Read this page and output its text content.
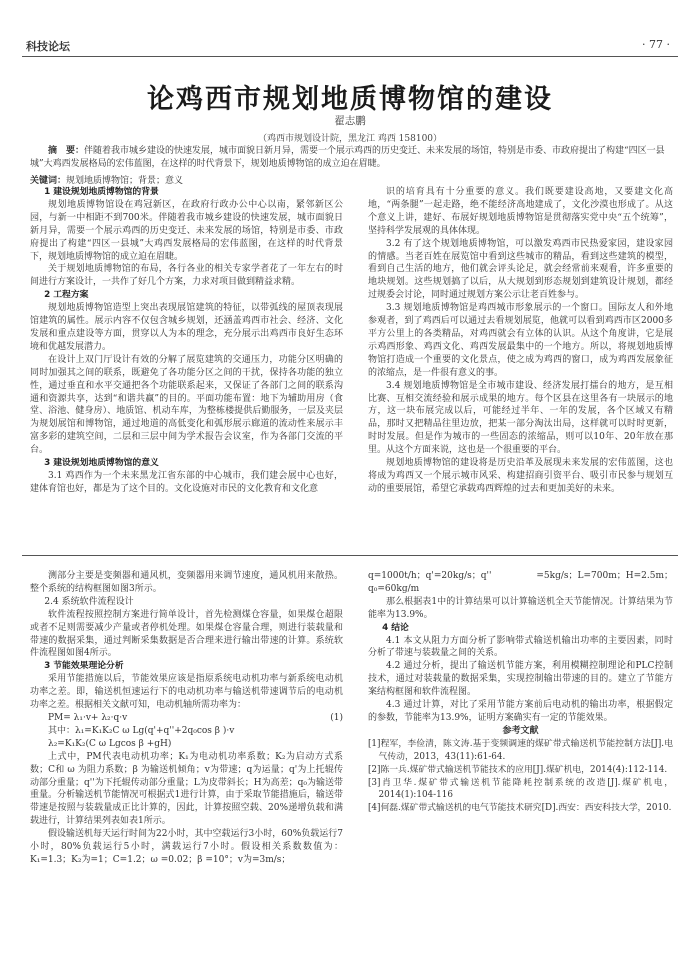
科技论坛	· 77 ·
论鸡西市规划地质博物馆的建设
翟志鹏
（鸡西市规划设计院，黑龙江 鸡西 158100）
摘　要：伴随着我市城乡建设的快速发展，城市面貌日新月异，需要一个展示鸡西的历史变迁、未来发展的场馆，特别是市委、市政府提出了构建“四区一县城”大鸡西发展格局的宏伟蓝图，在这样的时代背景下，规划地质博物馆的成立迫在眉睫。
关键词：规划地质博物馆；背景；意义

1 建设规划地质博物馆的背景

规划地质博物馆设在鸡冠新区，在政府行政办公中心以南，紧邻新区公园，与新一中相距不到700米。伴随着我市城乡建设的快速发展，城市面貌日新月异，需要一个展示鸡西的历史变迁、未来发展的场馆，特别是市委、市政府提出了构建“四区一县城”大鸡西发展格局的宏伟蓝图，在这样的时代背景下，规划地质博物馆的成立迫在眉睫。

关于规划地质博物馆的布局，各行各业的相关专家学者花了一年左右的时间进行方案设计，一共作了好几个方案，力求对项目做到精益求精。

2 工程方案

规划地质博物馆造型上突出表现展馆建筑的特征，以带弧线的屋顶表现展馆建筑的属性。展示内容不仅包含城乡规划，还涵盖鸡西市社会、经济、文化发展和重点建设等方面，贯穿以人为本的理念，充分展示出鸡西市良好生态环境和优越发展潜力。

在设计上双门厅设计有效的分解了展览建筑的交通压力，功能分区明确的同时加强其之间的联系，既避免了各功能分区之间的干扰，保持各功能的独立性，通过垂直和水平交通把各个功能联系起来，又保证了各部门之间的联系沟通和资源共享，达到“和谐共赢”的目的。平面功能布置：地下为辅助用房（食堂、浴池、健身房）、地质馆、机动车库，为整栋楼提供后勤服务，一层及夹层为规划展馆和博物馆，通过地道的高低变化和弧形展示廊道的流动性来展示丰富多彩的建筑空间，二层和三层中间为学术报告会议室，作为各部门交流的平台。

3 建设规划地质博物馆的意义

3.1 鸡西作为一个未来黑龙江省东部的中心城市，我们建会展中心也好，建体育馆也好，都是为了这个目的。文化设施对市民的文化教育和文化意

识的培育具有十分重要的意义。我们既要建设高地，又要建文化高地，“两条腿”一起走路，绝不能经济高地建成了，文化沙漠也形成了。从这个意义上讲，建好、布展好规划地质博物馆是贯彻落实党中央“五个统筹”，坚持科学发展观的具体体现。

3.2 有了这个规划地质博物馆，可以激发鸡西市民热爱家园，建设家园的情感。当老百姓在展览馆中看到这些城市的精品，看到这些建筑的模型，看到自己生活的地方，他们就会评头论足，就会经常前来观看，许多重要的地块规划。这些规划搞了以后，从大规划到形态规划到建筑设计规划，都经过规委会讨论，同时通过规划方案公示让老百姓参与。

3.3 规划地质博物馆是鸡西城市形象展示的一个窗口。国际友人和外地参观者，到了鸡西后可以通过去看规划展览，他就可以看到鸡西市区2000多平方公里上的各类精品，对鸡西就会有立体的认识。从这个角度讲，它是展示鸡西形象、鸡西文化、鸡西发展最集中的一个地方。所以，将规划地质博物馆打造成一个重要的文化景点，使之成为鸡西的窗口，成为鸡西发展象征的浓缩点，是一件很有意义的事。

3.4 规划地质博物馆是全市城市建设、经济发展打擂台的地方，是互相比赛、互相交流经验和展示成果的地方。每个区县在这里各有一块展示的地方，这一块布展完成以后，可能经过半年、一年的发展，各个区域又有精品，那时又把精品往里边放，把某一部分淘汰出局，这样就可以时时更新，时时发展。但是作为城市的一些固态的浓缩品，则可以10年、20年放在那里。从这个方面来说，这也是一个很重要的平台。

规划地质博物馆的建设将是历史沿革及展现未来发展的宏伟蓝图，这也将成为鸡西又一个展示城市风采、构建招商引资平台、吸引市民参与规划互动的重要展馆，希望它承载鸡西辉煌的过去和更加美好的未来。

测部分主要是变频器和通风机，变频器用来调节速度，通风机用来散热。整个系统的结构框图如图3所示。

2.4 系统软件流程设计

软件流程按照控制方案进行简单设计，首先检测煤仓容量，如果煤仓超限或者不足则需要减少产量或者停机处理。如果煤仓容量合理，则进行装载量和带速的数据采集，通过判断采集数据是否合理来进行输出带速的计算。系统软件流程图如图4所示。

3 节能效果理论分析

采用节能措施以后，节能效果应该是指原系统电动机功率与新系统电动机功率之差。即，输送机恒速运行下的电动机功率与输送机带速调节后的电动机功率之差。根据相关文献可知，电动机轴所需功率为：

PM= λ₁·v+ λ₂·q·v	(1)

其中：λ₁=K₁K₂C ω Lg(q'+q''+2q₀cos β )·v

λ₂=K₁K₂(C ω Lgcos β +gH)

上式中，PM代表电动机功率；K₁为电动机功率系数；K₂为启动方式系数；C和 ω 为阻力系数；β 为输送机倾角；v为带速；q为运量；q'为上托辊传动部分重量；q''为下托辊传动部分重量；L为皮带斜长；H为高差；q₀为输送带重量。分析输送机节能情况可根据式1进行计算，由于采取节能措施后，输送带带速是按照与装载量成正比计算的，因此，计算按照空载、20%递增负载和满载进行，计算结果列表如表1所示。

假设输送机每天运行时间为22小时，其中空载运行3小时，60%负载运行7小时，80%负载运行5小时，满载运行7小时。假设相关系数数值为：K₁=1.3；K₂为=1；C=1.2；ω =0.02；β =10°；v为=3m/s；

q=1000t/h；q'=20kg/s；q'' =5kg/s；L=700m；H=2.5m；q₀=60kg/m

那么根据表1中的计算结果可以计算输送机全天节能情况。计算结果为节能率为13.9%。

4 结论

4.1 本文从阻力方面分析了影响带式输送机输出功率的主要因素，同时分析了带速与装载量之间的关系。

4.2 通过分析，提出了输送机节能方案，利用模糊控制理论和PLC控制技术，通过对装载量的数据采集，实现控制输出带速的目的。建立了节能方案结构框图和软件流程图。

4.3 通过计算，对比了采用节能方案前后电动机的输出功率，根据假定的参数，节能率为13.9%，证明方案确实有一定的节能效果。

参考文献

[1]程军，李俭清，陈文涛.基于变频调速的煤矿带式输送机节能控制方法[J].电气传动，2013，43(11):61-64.

[2]陈一兵.煤矿带式输送机节能技术的应用[J].煤矿机电，2014(4):112-114.

[3]肖卫华.煤矿带式输送机节能降耗控制系统的改造[J].煤矿机电，2014(1):104-116

[4]何磊.煤矿带式输送机的电气节能技术研究[D].西安：西安科技大学，2010.
